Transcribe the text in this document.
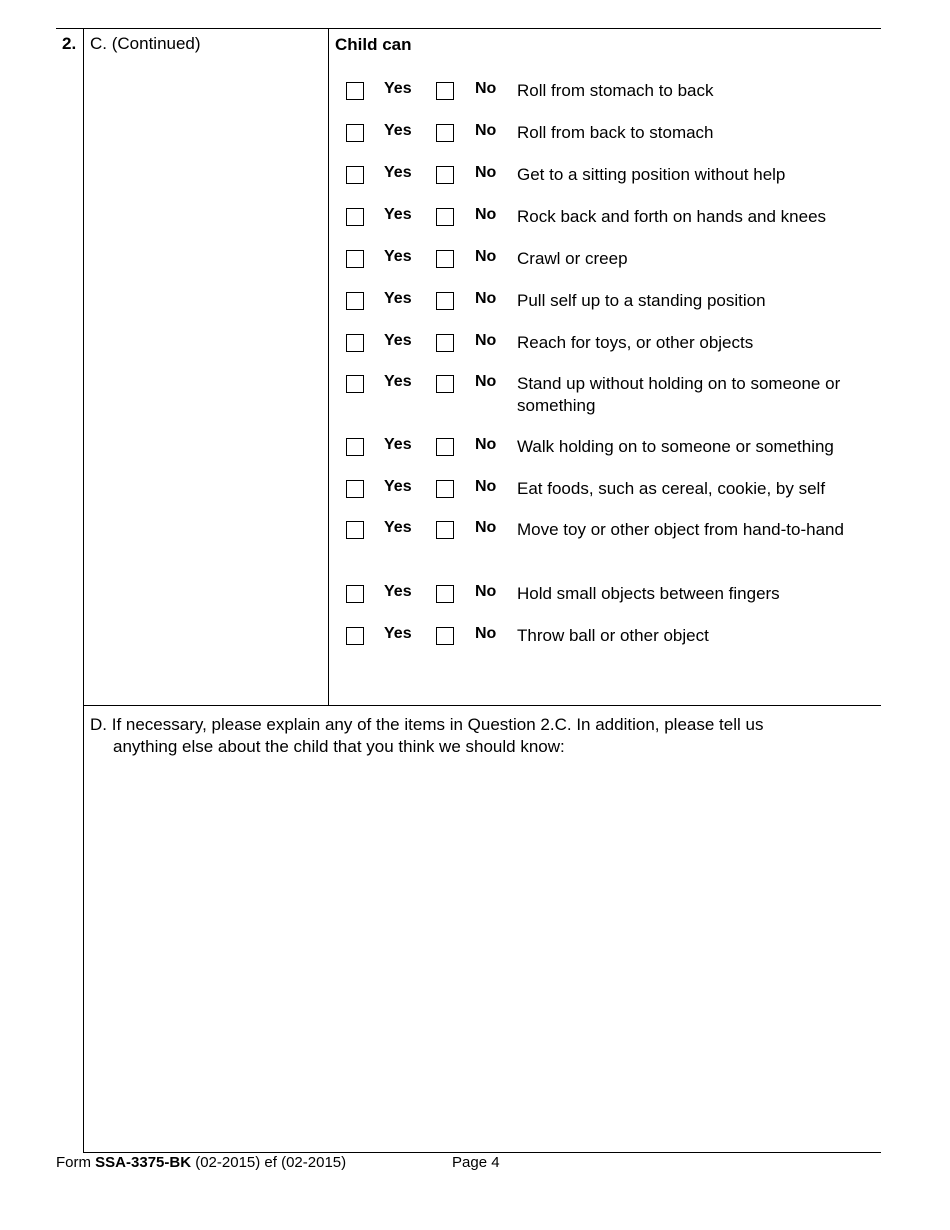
2. C. (Continued)	Child can
Yes	No Roll from stomach to back
Yes	No Roll from back to stomach
Yes	No Get to a sitting position without help
Yes	No Rock back and forth on hands and knees
Yes	No Crawl or creep
Yes	No Pull self up to a standing position
Yes	No Reach for toys, or other objects
Yes	No Stand up without holding on to someone or something
Yes	No Walk holding on to someone or something
Yes	No Eat foods, such as cereal, cookie, by self
Yes	No Move toy or other object from hand-to-hand
Yes	No Hold small objects between fingers
Yes	No Throw ball or other object
D. If necessary, please explain any of the items in Question 2.C. In addition, please tell us
anything else about the child that you think we should know:
Form SSA-3375-BK (02-2015) ef (02-2015)	Page 4
